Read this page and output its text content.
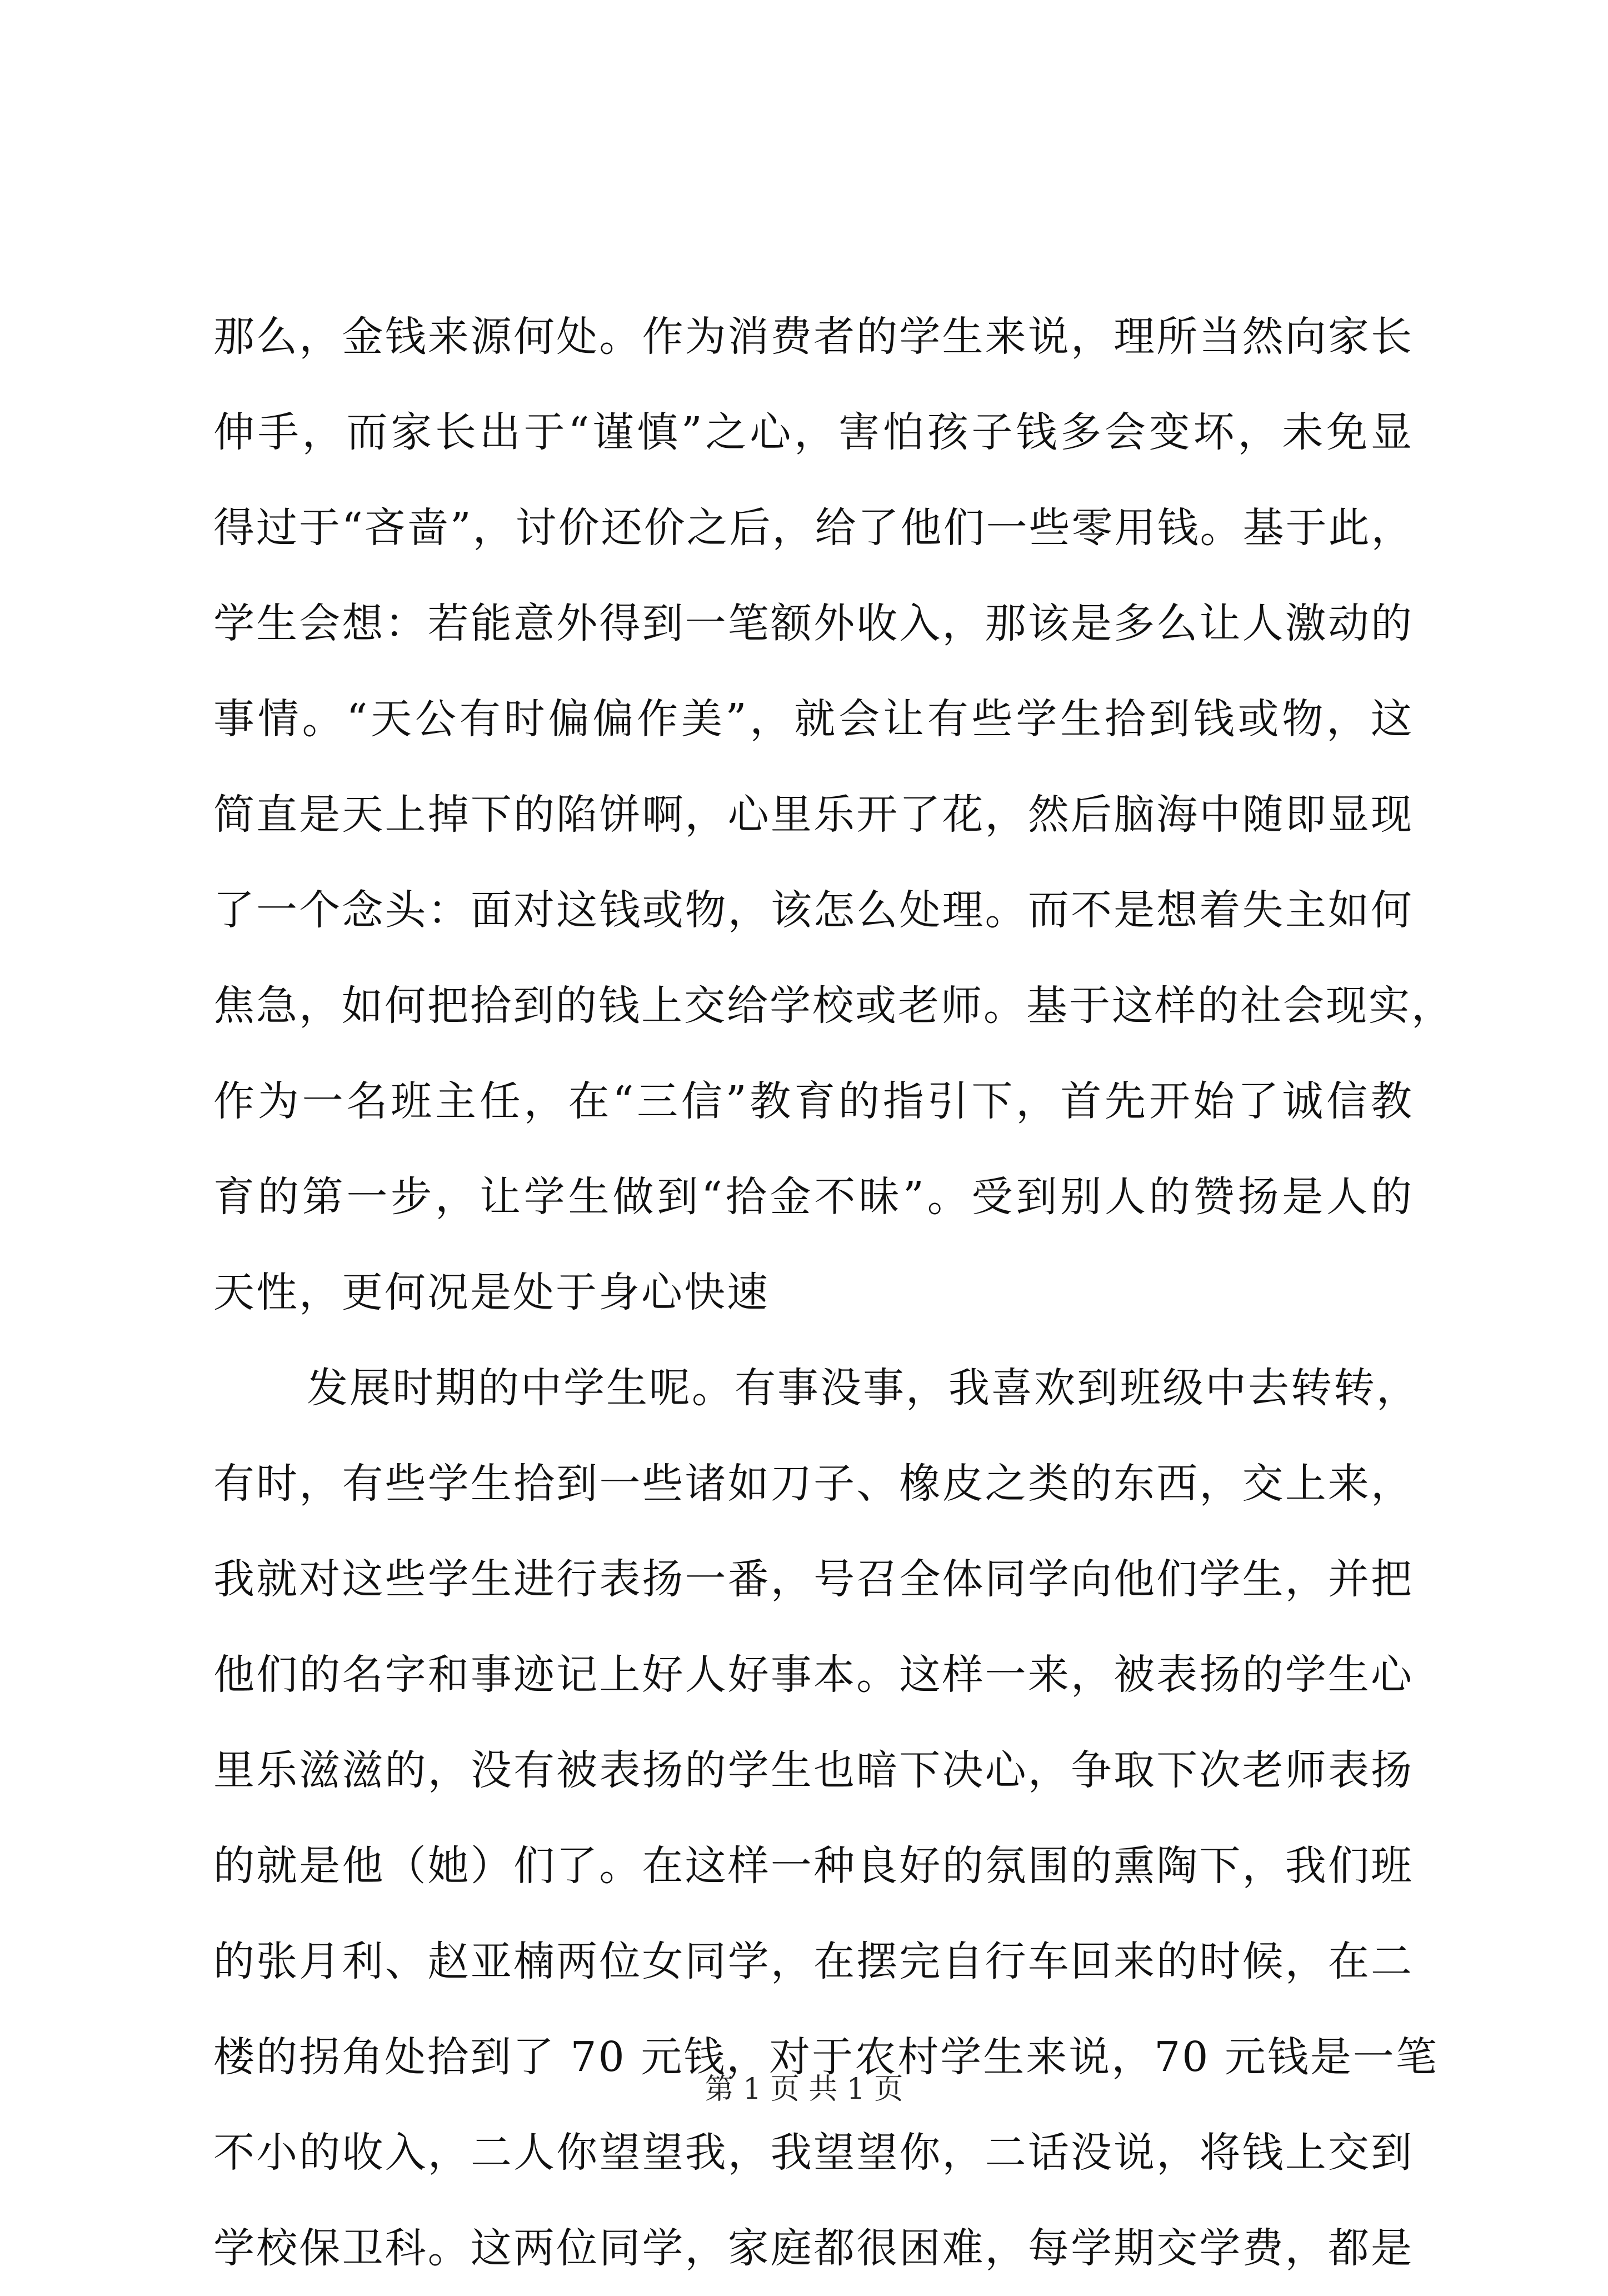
那么，金钱来源何处。作为消费者的学生来说，理所当然向家长
伸手，而家长出于“谨慎”之心，害怕孩子钱多会变坏，未免显
得过于“吝啬”，讨价还价之后，给了他们一些零用钱。基于此，
学生会想：若能意外得到一笔额外收入，那该是多么让人激动的
事情。“天公有时偏偏作美”，就会让有些学生拾到钱或物，这
简直是天上掉下的陷饼啊，心里乐开了花，然后脑海中随即显现
了一个念头：面对这钱或物，该怎么处理。而不是想着失主如何
焦急，如何把拾到的钱上交给学校或老师。基于这样的社会现实，
作为一名班主任，在“三信”教育的指引下，首先开始了诚信教
育的第一步，让学生做到“拾金不昧”。受到别人的赞扬是人的
天性，更何况是处于身心快速
发展时期的中学生呢。有事没事，我喜欢到班级中去转转，
有时，有些学生拾到一些诸如刀子、橡皮之类的东西，交上来，
我就对这些学生进行表扬一番，号召全体同学向他们学生，并把
他们的名字和事迹记上好人好事本。这样一来，被表扬的学生心
里乐滋滋的，没有被表扬的学生也暗下决心，争取下次老师表扬
的就是他（她）们了。在这样一种良好的氛围的熏陶下，我们班
的张月利、赵亚楠两位女同学，在摆完自行车回来的时候，在二
楼的拐角处拾到了 70 元钱，对于农村学生来说，70 元钱是一笔
不小的收入，二人你望望我，我望望你，二话没说，将钱上交到
学校保卫科。这两位同学，家庭都很困难，每学期交学费，都是
第 1 页 共 1 页
